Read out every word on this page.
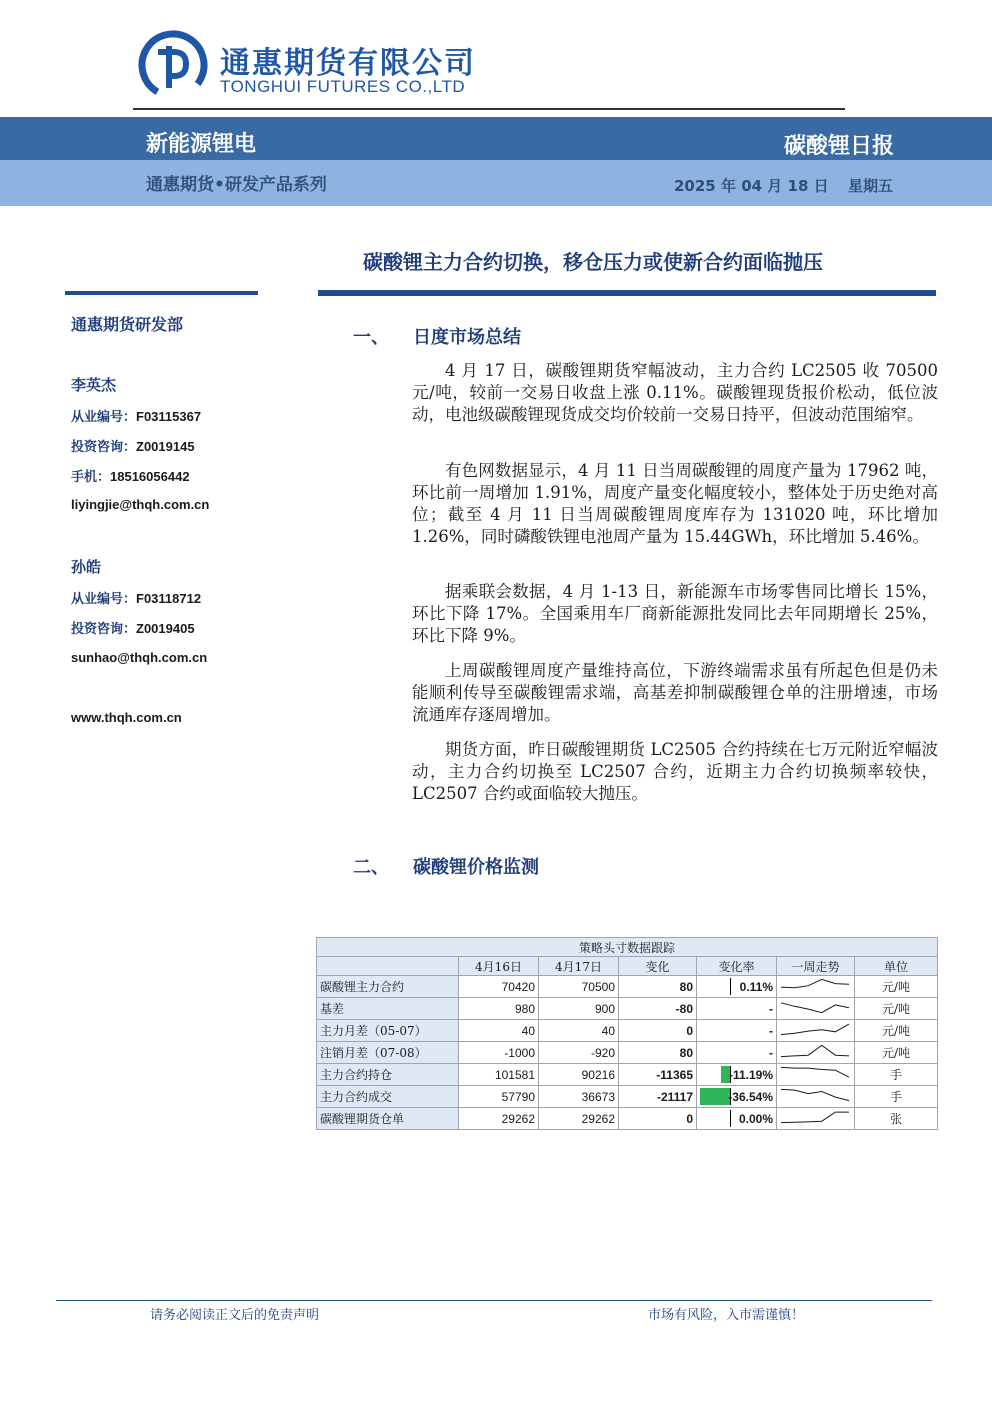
通惠期货有限公司
TONGHUI FUTURES CO.,LTD
新能源锂电	碳酸锂日报
通惠期货•研发产品系列	2025 年 04 月 18 日 星期五
碳酸锂主力合约切换，移仓压力或使新合约面临抛压
通惠期货研发部
李英杰
从业编号：F03115367
投资咨询：Z0019145
手机：18516056442
liyingjie@thqh.com.cn
孙皓
从业编号：F03118712
投资咨询：Z0019405
sunhao@thqh.com.cn
www.thqh.com.cn
一、 日度市场总结

4 月 17 日，碳酸锂期货窄幅波动，主力合约 LC2505 收 70500 元/吨，较前一交易日收盘上涨 0.11%。碳酸锂现货报价松动，低位波动，电池级碳酸锂现货成交均价较前一交易日持平，但波动范围缩窄。

有色网数据显示，4 月 11 日当周碳酸锂的周度产量为 17962 吨，环比前一周增加 1.91%，周度产量变化幅度较小，整体处于历史绝对高位；截至 4 月 11 日当周碳酸锂周度库存为 131020 吨，环比增加 1.26%，同时磷酸铁锂电池周产量为 15.44GWh，环比增加 5.46%。

据乘联会数据，4 月 1-13 日，新能源车市场零售同比增长 15%，环比下降 17%。全国乘用车厂商新能源批发同比去年同期增长 25%，环比下降 9%。

上周碳酸锂周度产量维持高位，下游终端需求虽有所起色但是仍未能顺利传导至碳酸锂需求端，高基差抑制碳酸锂仓单的注册增速，市场流通库存逐周增加。

期货方面，昨日碳酸锂期货 LC2505 合约持续在七万元附近窄幅波动，主力合约切换至 LC2507 合约，近期主力合约切换频率较快，LC2507 合约或面临较大抛压。

二、 碳酸锂价格监测
策略头寸数据跟踪						
	4月16日	4月17日	变化	变化率	一周走势	单位
碳酸锂主力合约	70420	70500	80	0.11%		元/吨
基差	980	900	-80	-		元/吨
主力月差（05-07）	40	40	0	-		元/吨
注销月差（07-08）	-1000	-920	80	-		元/吨
主力合约持仓	101581	90216	-11365	-11.19%		手
主力合约成交	57790	36673	-21117	-36.54%		手
碳酸锂期货仓单	29262	29262	0	0.00%		张
请务必阅读正文后的免责声明	市场有风险，入市需谨慎！
